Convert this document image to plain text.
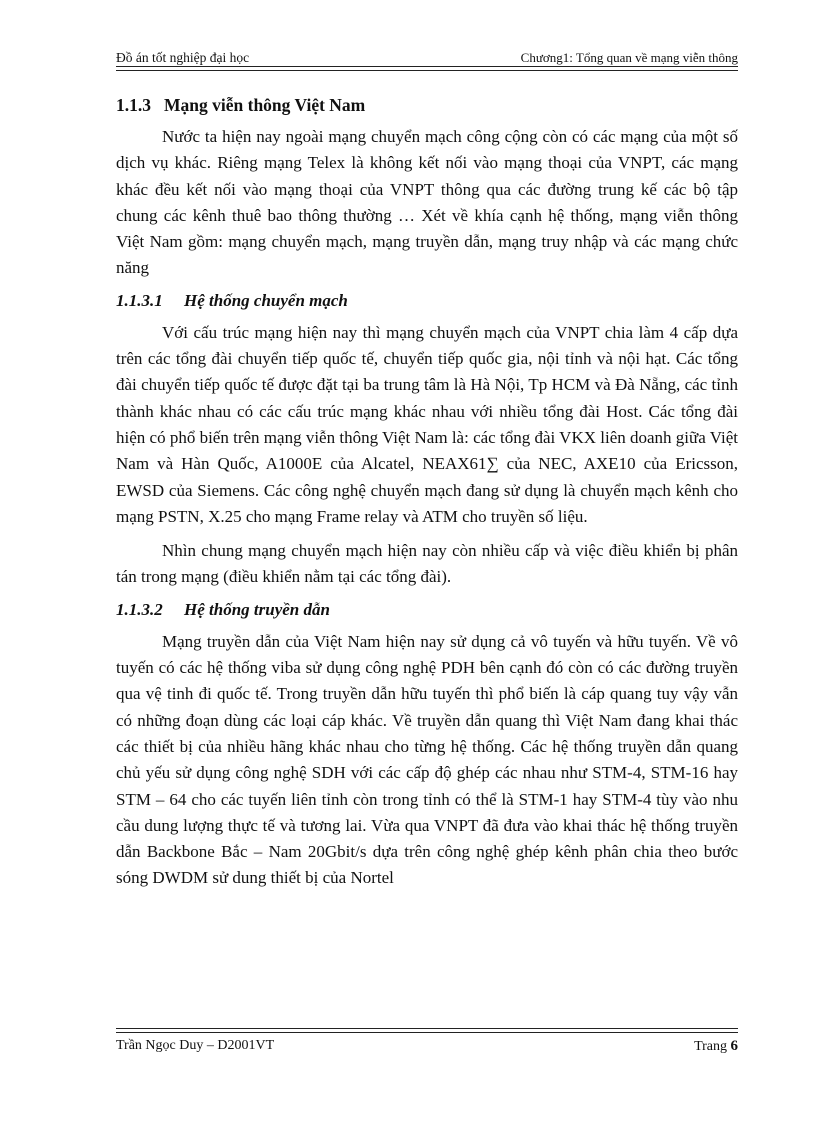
Đồ án tốt nghiệp đại học	Chương1: Tổng quan về mạng viễn thông
1.1.3 Mạng viễn thông Việt Nam

Nước ta hiện nay ngoài mạng chuyển mạch công cộng còn có các mạng của một số dịch vụ khác. Riêng mạng Telex là không kết nối vào mạng thoại của VNPT, các mạng khác đều kết nối vào mạng thoại của VNPT thông qua các đường trung kế các bộ tập chung các kênh thuê bao thông thường … Xét về khía cạnh hệ thống, mạng viễn thông Việt Nam gồm: mạng chuyển mạch, mạng truyền dẫn, mạng truy nhập và các mạng chức năng

1.1.3.1 Hệ thống chuyển mạch

Với cấu trúc mạng hiện nay thì mạng chuyển mạch của VNPT chia làm 4 cấp dựa trên các tổng đài chuyển tiếp quốc tế, chuyển tiếp quốc gia, nội tỉnh và nội hạt. Các tổng đài chuyển tiếp quốc tế được đặt tại ba trung tâm là Hà Nội, Tp HCM và Đà Nẵng, các tỉnh thành khác nhau có các cấu trúc mạng khác nhau với nhiều tổng đài Host. Các tổng đài hiện có phổ biến trên mạng viễn thông Việt Nam là: các tổng đài VKX liên doanh giữa Việt Nam và Hàn Quốc, A1000E của Alcatel, NEAX61∑ của NEC, AXE10 của Ericsson, EWSD của Siemens. Các công nghệ chuyển mạch đang sử dụng là chuyển mạch kênh cho mạng PSTN, X.25 cho mạng Frame relay và ATM cho truyền số liệu.

Nhìn chung mạng chuyển mạch hiện nay còn nhiều cấp và việc điều khiển bị phân tán trong mạng (điều khiển nằm tại các tổng đài).

1.1.3.2 Hệ thống truyền dẫn

Mạng truyền dẫn của Việt Nam hiện nay sử dụng cả vô tuyến và hữu tuyến. Về vô tuyến có các hệ thống viba sử dụng công nghệ PDH bên cạnh đó còn có các đường truyền qua vệ tinh đi quốc tế. Trong truyền dẫn hữu tuyến thì phổ biến là cáp quang tuy vậy vẫn có những đoạn dùng các loại cáp khác. Về truyền dẫn quang thì Việt Nam đang khai thác các thiết bị của nhiều hãng khác nhau cho từng hệ thống. Các hệ thống truyền dẫn quang chủ yếu sử dụng công nghệ SDH với các cấp độ ghép các nhau như STM-4, STM-16 hay STM – 64 cho các tuyến liên tỉnh còn trong tỉnh có thể là STM-1 hay STM-4 tùy vào nhu cầu dung lượng thực tế và tương lai. Vừa qua VNPT đã đưa vào khai thác hệ thống truyền dẫn Backbone Bắc – Nam 20Gbit/s dựa trên công nghệ ghép kênh phân chia theo bước sóng DWDM sử dung thiết bị của Nortel

Trần Ngọc Duy – D2001VT	Trang 6
